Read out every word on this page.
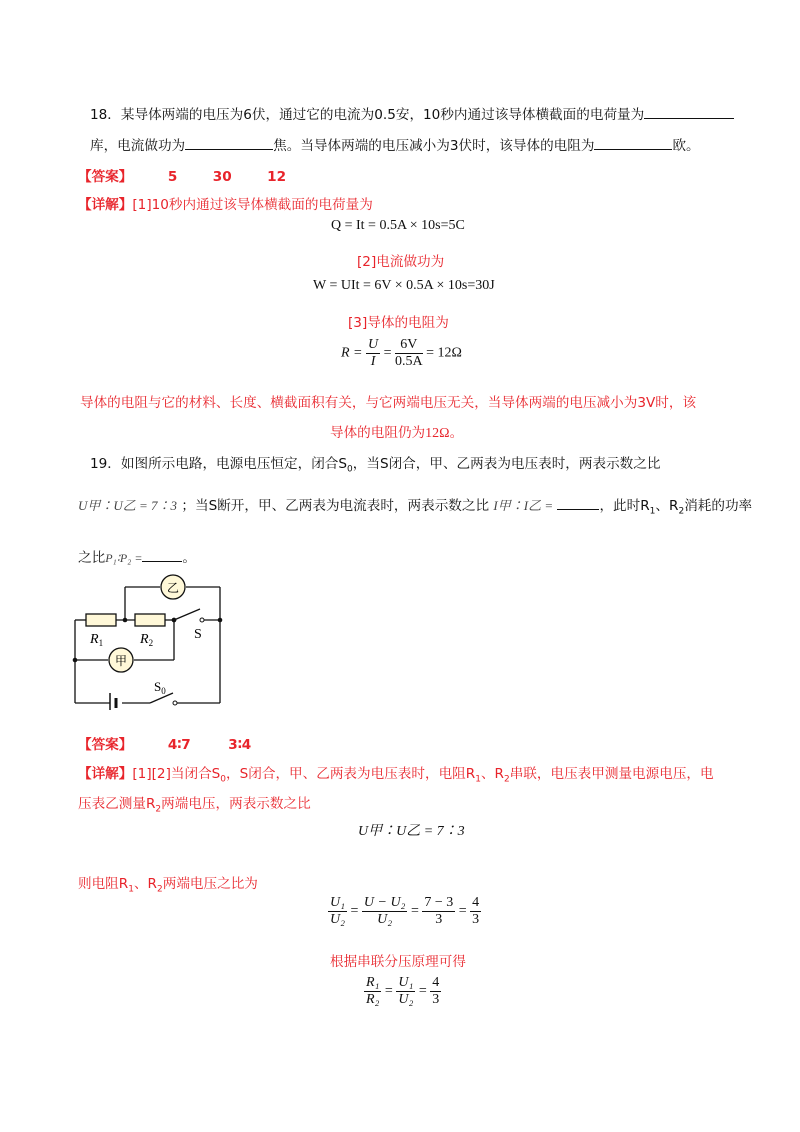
18．某导体两端的电压为6伏，通过它的电流为0.5安，10秒内通过该导体横截面的电荷量为
库，电流做功为	焦。当导体两端的电压减小为3伏时，该导体的电阻为	欧。
【答案】	5	30	12
【详解】[1]10秒内通过该导体横截面的电荷量为
Q = It = 0.5A × 10s=5C
[2]电流做功为
W = UIt = 6V × 0.5A × 10s=30J
[3]导体的电阻为
$R = \frac{U}{I} = \frac{6V}{0.5A} = 12\Omega$
导体的电阻与它的材料、长度、横截面积有关，与它两端电压无关，当导体两端的电压减小为3V时，该
导体的电阻仍为12Ω。
19．如图所示电路，电源电压恒定，闭合$S_0$，当S闭合，甲、乙两表为电压表时，两表示数之比
U甲∶U乙 = 7∶3 ；当S断开，甲、乙两表为电流表时，两表示数之比 I甲∶I乙 =	，此时$R_1$、$R_2$消耗的功率
之比P₁∶P₂ =	。
乙
甲
$R_1$	$R_2$
S
$S_0$
【答案】	4∶7	3∶4
【详解】[1][2]当闭合$S_0$，S闭合，甲、乙两表为电压表时，电阻$R_1$、$R_2$串联，电压表甲测量电源电压，电
压表乙测量$R_2$两端电压，两表示数之比
U甲∶U乙 = 7∶3
则电阻$R_1$、$R_2$两端电压之比为
$\frac{\text{U₁}}{\text{U₂}} = \frac{\text{U − U₂}}{\text{U₂}} = \frac{7 - 3}{3} = \frac{4}{3}$
根据串联分压原理可得
$\frac{\text{R₁}}{\text{R₂}} = \frac{\text{U₁}}{\text{U₂}} = \frac{4}{3}$
